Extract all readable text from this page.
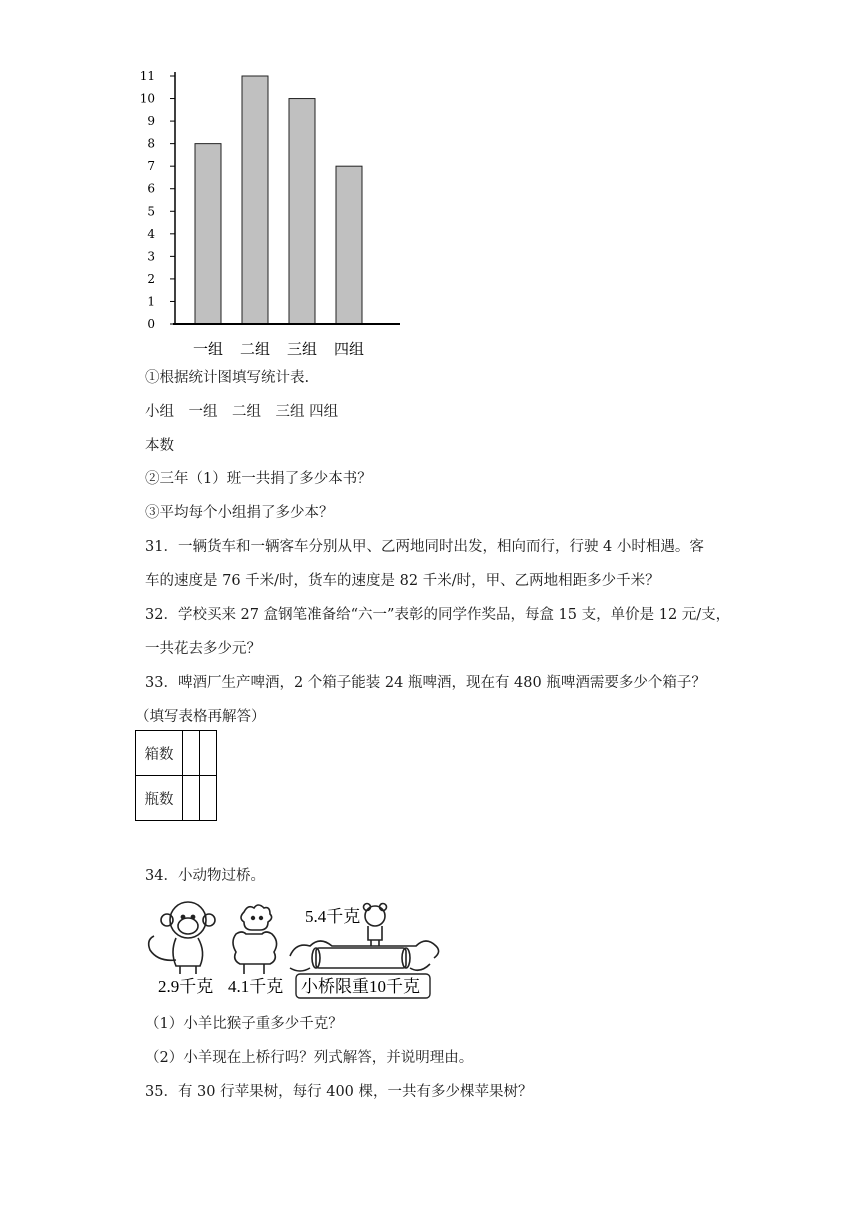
0
1
2
3
4
5
6
7
8
9
10
11
一组 二组 三组 四组
①根据统计图填写统计表.
小组　一组　二组　三组 四组
本数
②三年（1）班一共捐了多少本书？
③平均每个小组捐了多少本？
31．一辆货车和一辆客车分别从甲、乙两地同时出发，相向而行，行驶 4 小时相遇。客
车的速度是 76 千米/时，货车的速度是 82 千米/时，甲、乙两地相距多少千米？
32．学校买来 27 盒钢笔准备给“六一”表彰的同学作奖品，每盒 15 支，单价是 12 元/支，
一共花去多少元？
33．啤酒厂生产啤酒，2 个箱子能装 24 瓶啤酒，现在有 480 瓶啤酒需要多少个箱子？
（填写表格再解答）
箱数		
瓶数		
34．小动物过桥。
5.4千克
2.9千克 4.1千克 小桥限重10千克
（1）小羊比猴子重多少千克？
（2）小羊现在上桥行吗？列式解答，并说明理由。
35．有 30 行苹果树，每行 400 棵，一共有多少棵苹果树？
